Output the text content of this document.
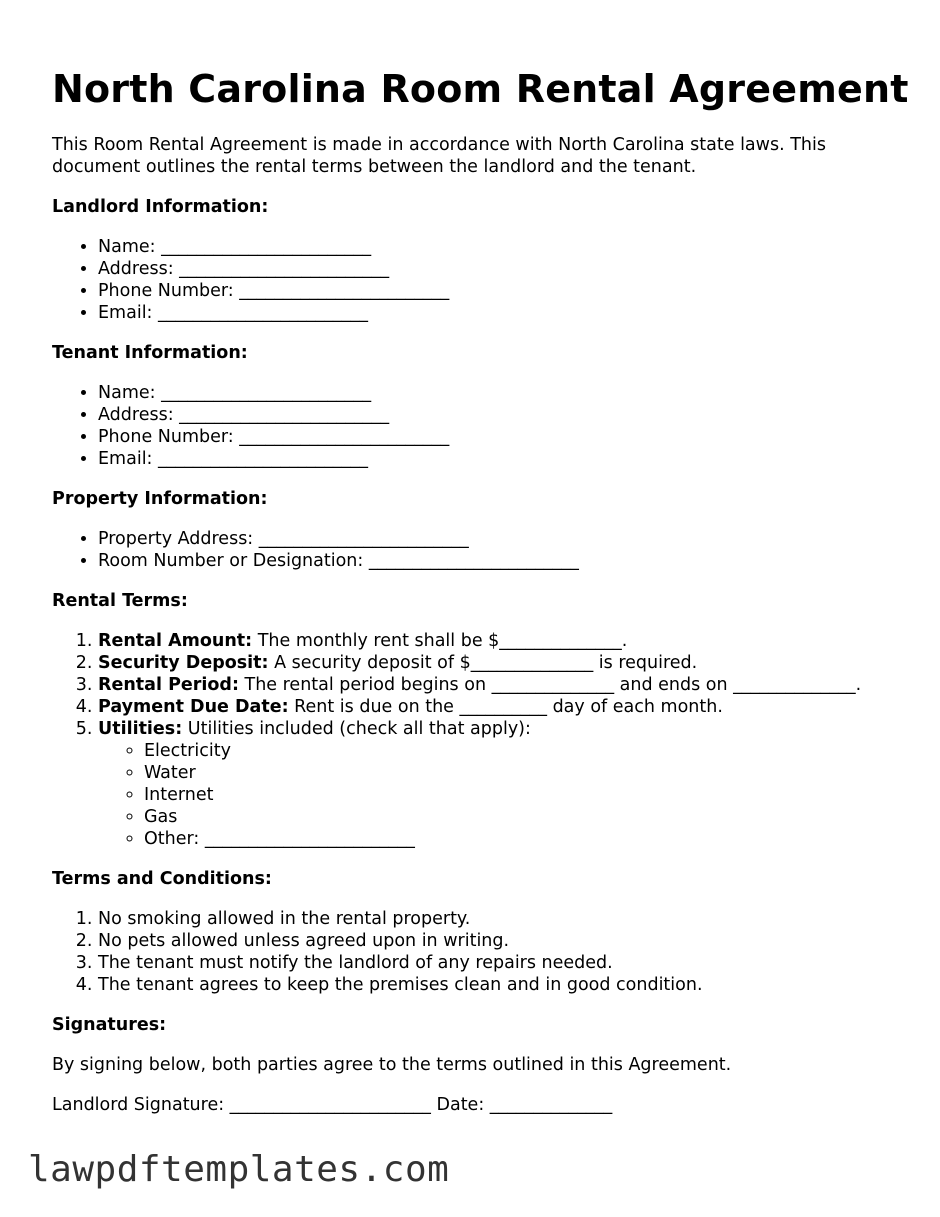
North Carolina Room Rental Agreement

This Room Rental Agreement is made in accordance with North Carolina state laws. This document outlines the rental terms between the landlord and the tenant.

Landlord Information:
• Name: ________________________
• Address: ________________________
• Phone Number: ________________________
• Email: ________________________
Tenant Information:
• Name: ________________________
• Address: ________________________
• Phone Number: ________________________
• Email: ________________________
Property Information:
• Property Address: ________________________
• Room Number or Designation: ________________________
Rental Terms:
1. Rental Amount: The monthly rent shall be $______________.
2. Security Deposit: A security deposit of $______________ is required.
3. Rental Period: The rental period begins on ______________ and ends on ______________.
4. Payment Due Date: Rent is due on the __________ day of each month.
5. Utilities: Utilities included (check all that apply):
◦ Electricity
◦ Water
◦ Internet
◦ Gas
◦ Other: ________________________
Terms and Conditions:
1. No smoking allowed in the rental property.
2. No pets allowed unless agreed upon in writing.
3. The tenant must notify the landlord of any repairs needed.
4. The tenant agrees to keep the premises clean and in good condition.
Signatures:

By signing below, both parties agree to the terms outlined in this Agreement.

Landlord Signature: _______________________ Date: ______________

lawpdftemplates.com
